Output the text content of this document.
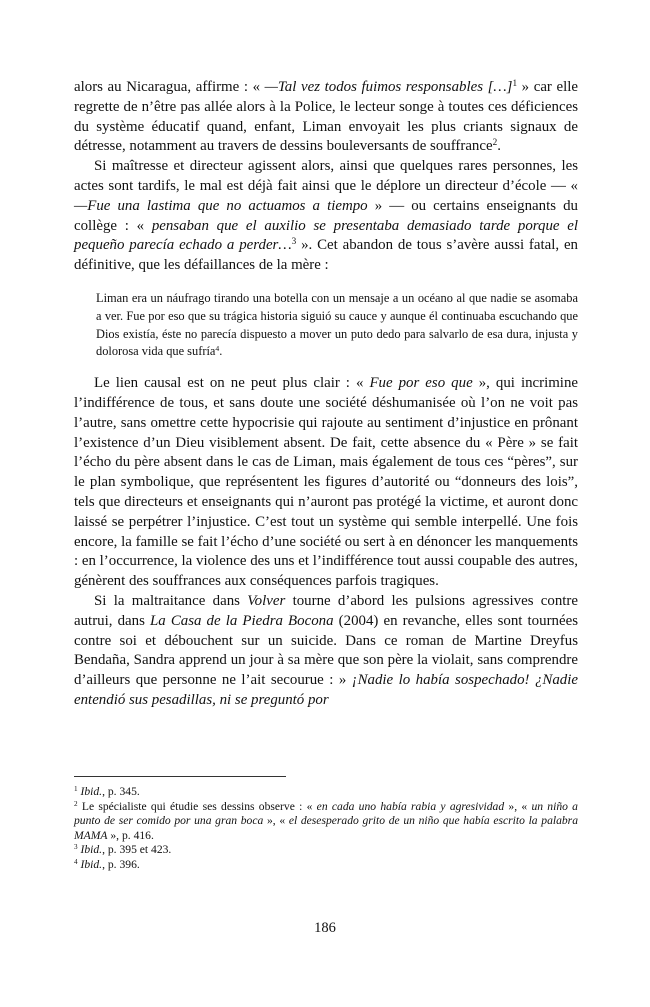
alors au Nicaragua, affirme : « —Tal vez todos fuimos responsables […]$^1$ » car elle regrette de n’être pas allée alors à la Police, le lecteur songe à toutes ces déficiences du système éducatif quand, enfant, Liman envoyait les plus criants signaux de détresse, notamment au travers de dessins bouleversants de souffrance$^2$.

Si maîtresse et directeur agissent alors, ainsi que quelques rares personnes, les actes sont tardifs, le mal est déjà fait ainsi que le déplore un directeur d’école — « —Fue una lastima que no actuamos a tiempo » — ou certains enseignants du collège : « pensaban que el auxilio se presentaba demasiado tarde porque el pequeño parecía echado a perder…$^3$ ». Cet abandon de tous s’avère aussi fatal, en définitive, que les défaillances de la mère :

Liman era un náufrago tirando una botella con un mensaje a un océano al que nadie se asomaba a ver. Fue por eso que su trágica historia siguió su cauce y aunque él continuaba escuchando que Dios existía, éste no parecía dispuesto a mover un puto dedo para salvarlo de esa dura, injusta y dolorosa vida que sufría$^4$.

Le lien causal est on ne peut plus clair : « Fue por eso que », qui incrimine l’indifférence de tous, et sans doute une société déshumanisée où l’on ne voit pas l’autre, sans omettre cette hypocrisie qui rajoute au sentiment d’injustice en prônant l’existence d’un Dieu visiblement absent. De fait, cette absence du « Père » se fait l’écho du père absent dans le cas de Liman, mais également de tous ces “pères”, sur le plan symbolique, que représentent les figures d’autorité ou “donneurs des lois”, tels que directeurs et enseignants qui n’auront pas protégé la victime, et auront donc laissé se perpétrer l’injustice. C’est tout un système qui semble interpellé. Une fois encore, la famille se fait l’écho d’une société ou sert à en dénoncer les manquements : en l’occurrence, la violence des uns et l’indifférence tout aussi coupable des autres, génèrent des souffrances aux conséquences parfois tragiques.

Si la maltraitance dans Volver tourne d’abord les pulsions agressives contre autrui, dans La Casa de la Piedra Bocona (2004) en revanche, elles sont tournées contre soi et débouchent sur un suicide. Dans ce roman de Martine Dreyfus Bendaña, Sandra apprend un jour à sa mère que son père la violait, sans comprendre d’ailleurs que personne ne l’ait secourue : » ¡Nadie lo había sospechado! ¿Nadie entendió sus pesadillas, ni se preguntó por

$^1$ Ibid., p. 345.

$^2$ Le spécialiste qui étudie ses dessins observe : « en cada uno había rabia y agresividad », « un niño a punto de ser comido por una gran boca », « el desesperado grito de un niño que había escrito la palabra MAMA », p. 416.

$^3$ Ibid., p. 395 et 423.

$^4$ Ibid., p. 396.

186
